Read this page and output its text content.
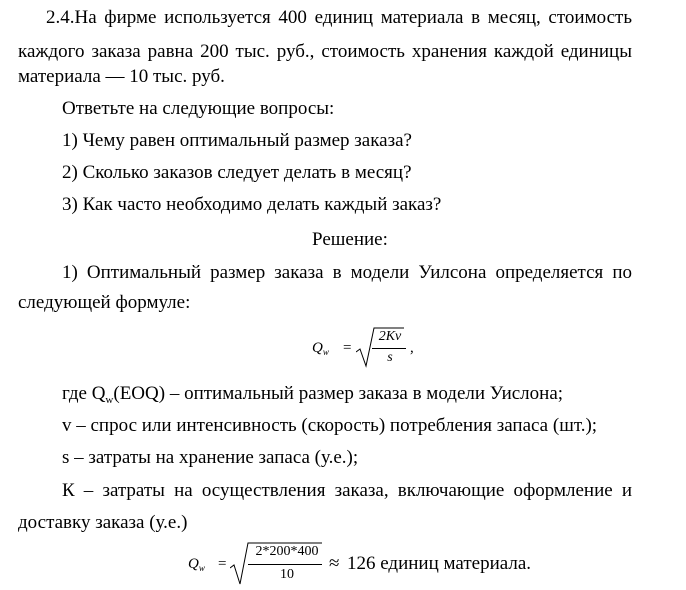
2.4.На фирме используется 400 единиц материала в месяц, стоимость
каждого заказа равна 200 тыс. руб., стоимость хранения каждой единицы
материала — 10 тыс. руб.
Ответьте на следующие вопросы:
1) Чему равен оптимальный размер заказа?
2) Сколько заказов следует делать в месяц?
3) Как часто необходимо делать каждый заказ?
Решение:
1) Оптимальный размер заказа в модели Уилсона определяется по
следующей формуле:
$Q_w$ =
2Kv
s
,
где $Q_w(EOQ)$ – оптимальный размер заказа в модели Уислона;
v – спрос или интенсивность (скорость) потребления запаса (шт.);
s – затраты на хранение запаса (у.е.);
К – затраты на осуществления заказа, включающие оформление и
доставку заказа (у.е.)
$Q_w$ =
2*200*400
10
≈ 126 единиц материала.
